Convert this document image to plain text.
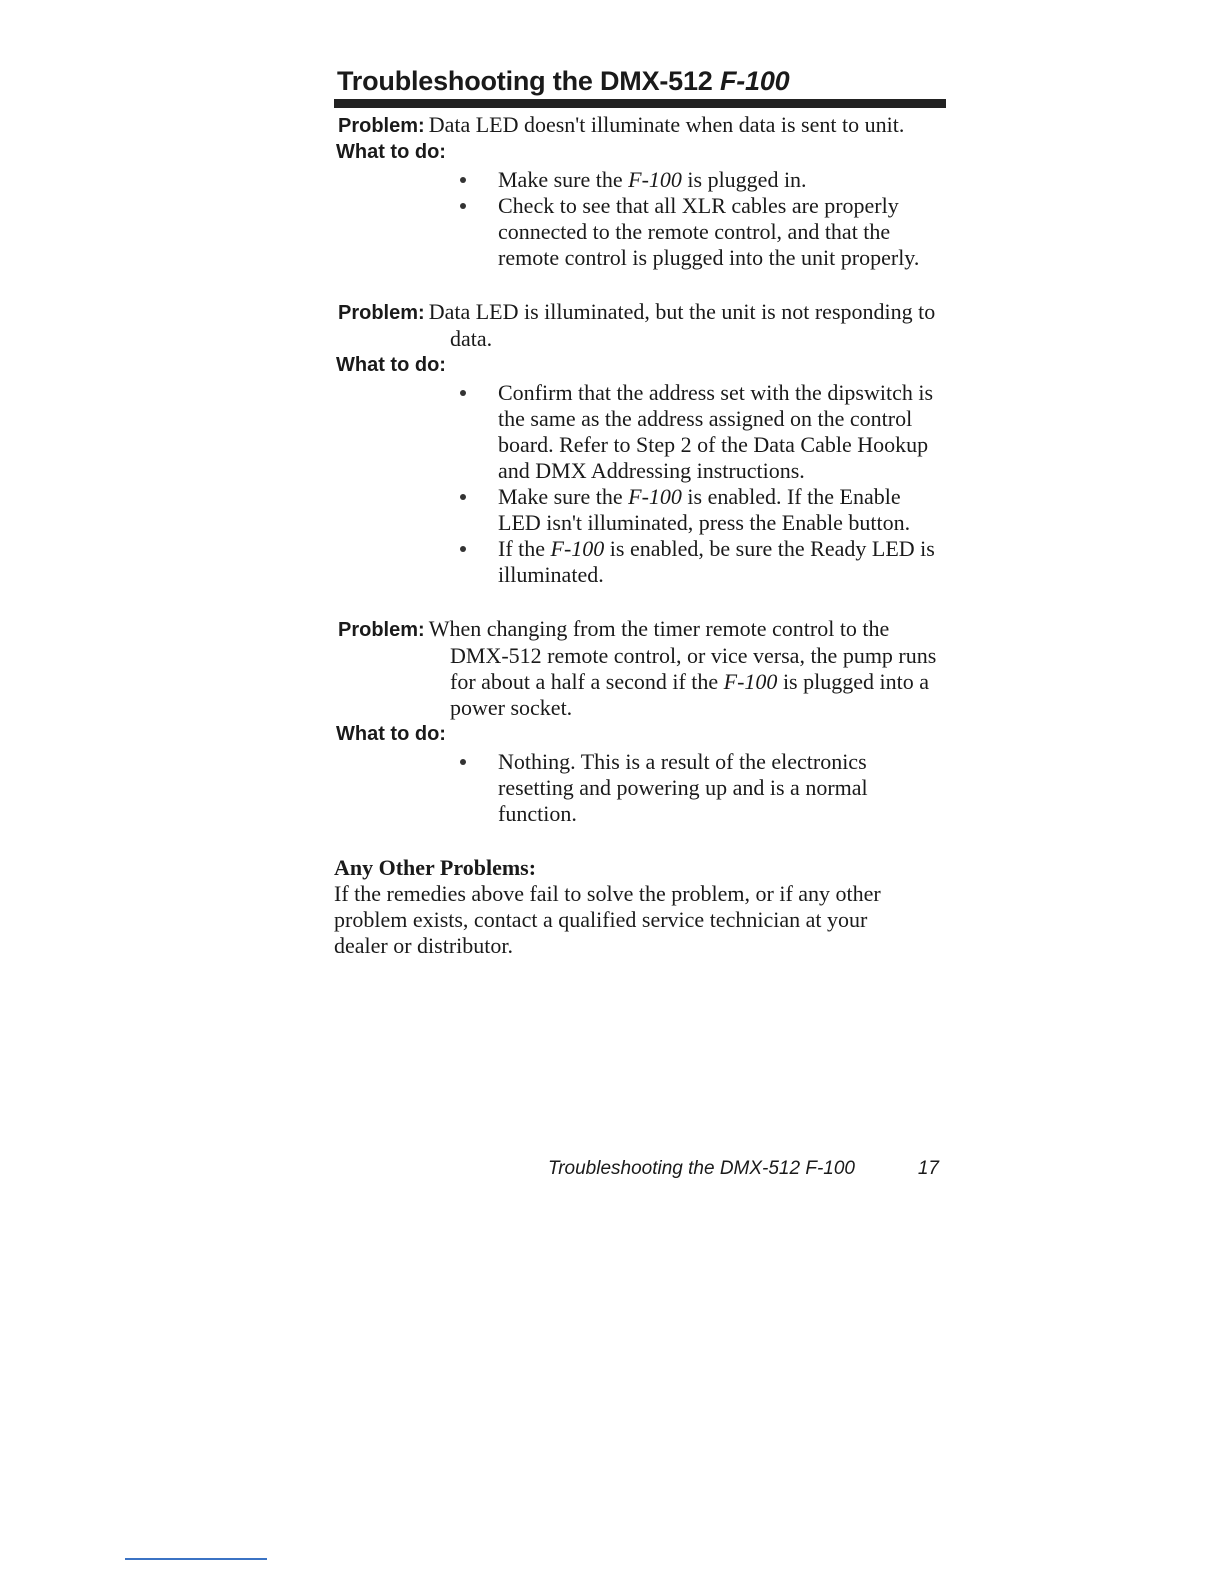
Troubleshooting the DMX-512 F-100
Problem: Data LED doesn't illuminate when data is sent to unit.
What to do:
Make sure the F-100 is plugged in.
Check to see that all XLR cables are properly connected to the remote control, and that the remote control is plugged into the unit properly.
Problem: Data LED is illuminated, but the unit is not responding to data.
What to do:
Confirm that the address set with the dipswitch is the same as the address assigned on the control board. Refer to Step 2 of the Data Cable Hookup and DMX Addressing instructions.
Make sure the F-100 is enabled. If the Enable LED isn't illuminated, press the Enable button.
If the F-100 is enabled, be sure the Ready LED is illuminated.
Problem: When changing from the timer remote control to the DMX-512 remote control, or vice versa, the pump runs for about a half a second if the F-100 is plugged into a power socket.
What to do:
Nothing. This is a result of the electronics resetting and powering up and is a normal function.
Any Other Problems:
If the remedies above fail to solve the problem, or if any other problem exists, contact a qualified service technician at your dealer or distributor.
Troubleshooting the DMX-512 F-100	17
